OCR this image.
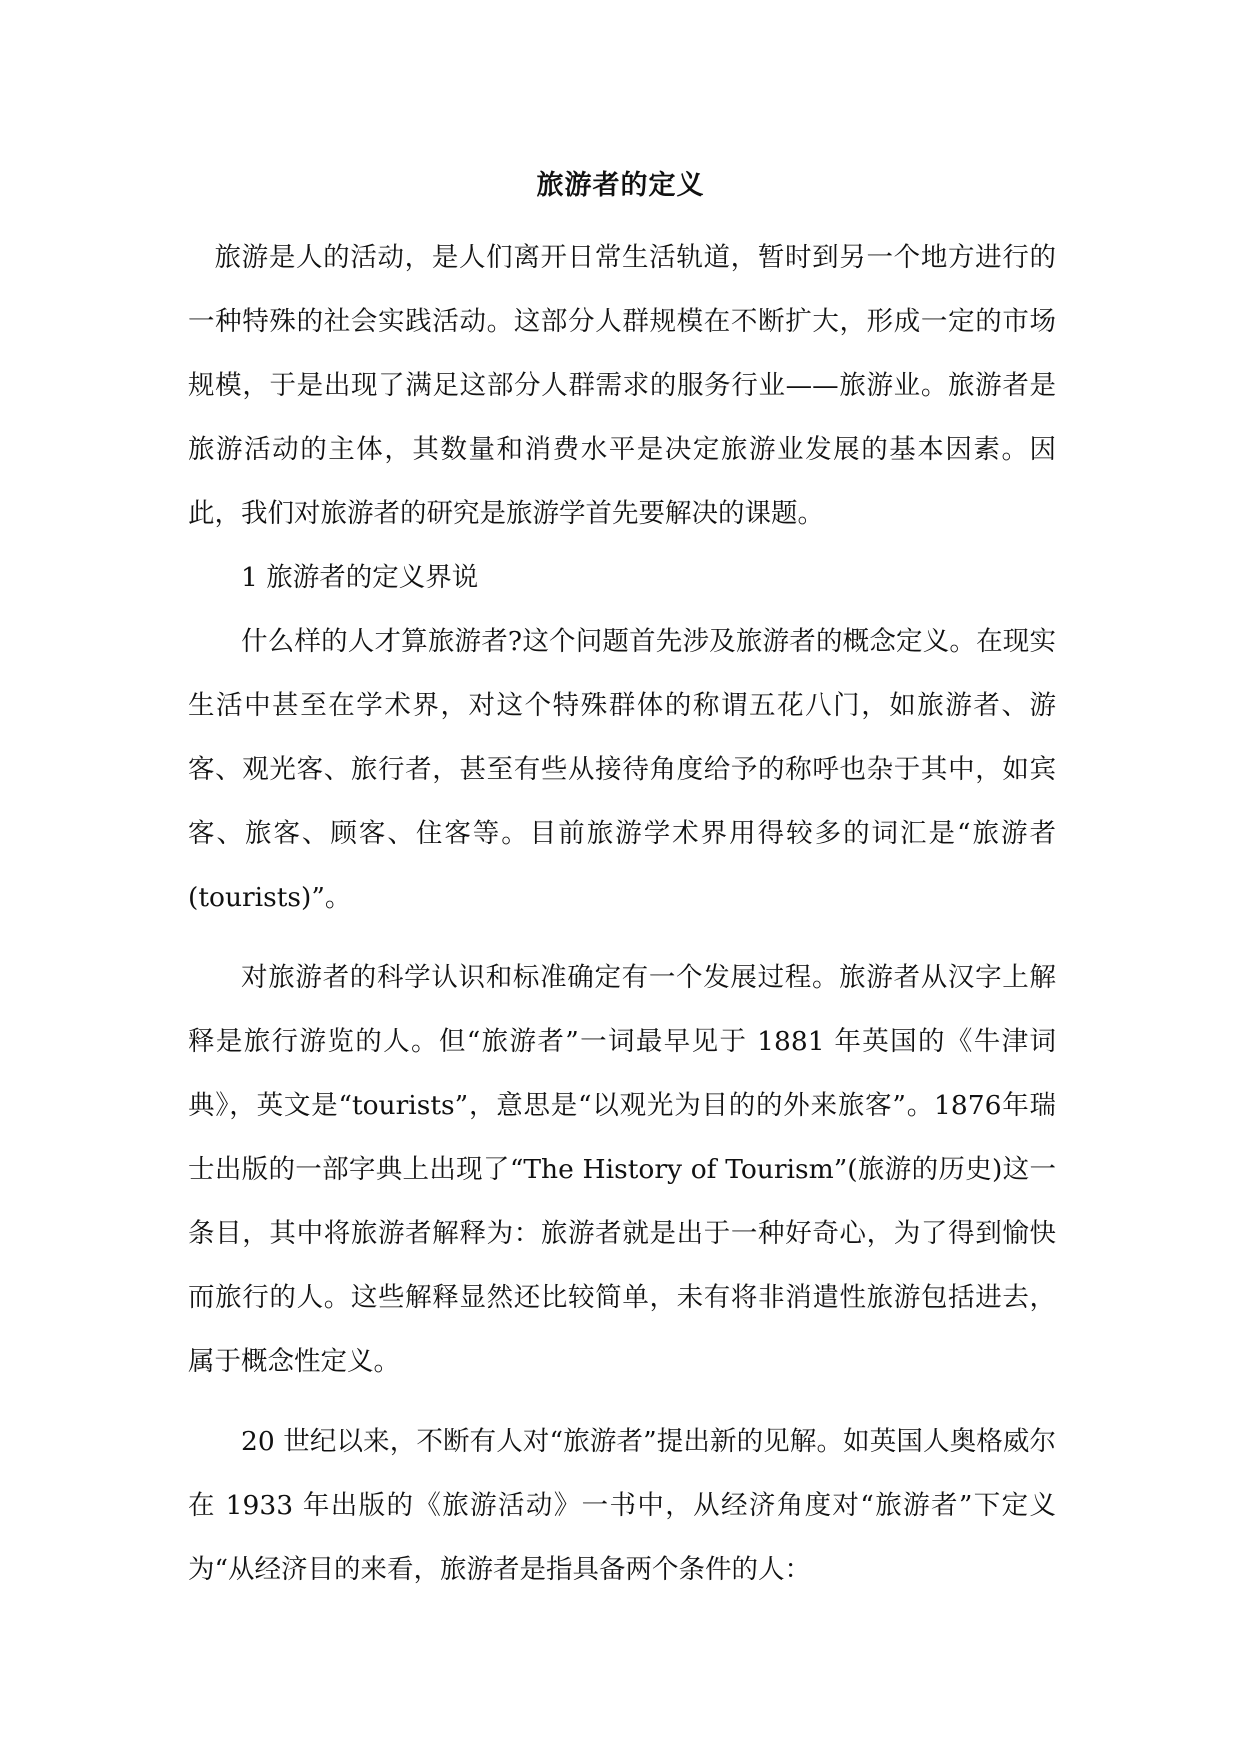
旅游者的定义

旅游是人的活动，是人们离开日常生活轨道，暂时到另一个地方进行的一种特殊的社会实践活动。这部分人群规模在不断扩大，形成一定的市场规模，于是出现了满足这部分人群需求的服务行业——旅游业。旅游者是旅游活动的主体，其数量和消费水平是决定旅游业发展的基本因素。因此，我们对旅游者的研究是旅游学首先要解决的课题。

1 旅游者的定义界说

什么样的人才算旅游者?这个问题首先涉及旅游者的概念定义。在现实生活中甚至在学术界，对这个特殊群体的称谓五花八门，如旅游者、游客、观光客、旅行者，甚至有些从接待角度给予的称呼也杂于其中，如宾客、旅客、顾客、住客等。目前旅游学术界用得较多的词汇是“旅游者(tourists)”。

对旅游者的科学认识和标准确定有一个发展过程。旅游者从汉字上解释是旅行游览的人。但“旅游者”一词最早见于 1881 年英国的《牛津词典》，英文是“tourists”，意思是“以观光为目的的外来旅客”。1876年瑞士出版的一部字典上出现了“The History of Tourism”(旅游的历史)这一条目，其中将旅游者解释为：旅游者就是出于一种好奇心，为了得到愉快而旅行的人。这些解释显然还比较简单，未有将非消遣性旅游包括进去，属于概念性定义。

20 世纪以来，不断有人对“旅游者”提出新的见解。如英国人奥格威尔在 1933 年出版的《旅游活动》一书中，从经济角度对“旅游者”下定义为“从经济目的来看，旅游者是指具备两个条件的人：
